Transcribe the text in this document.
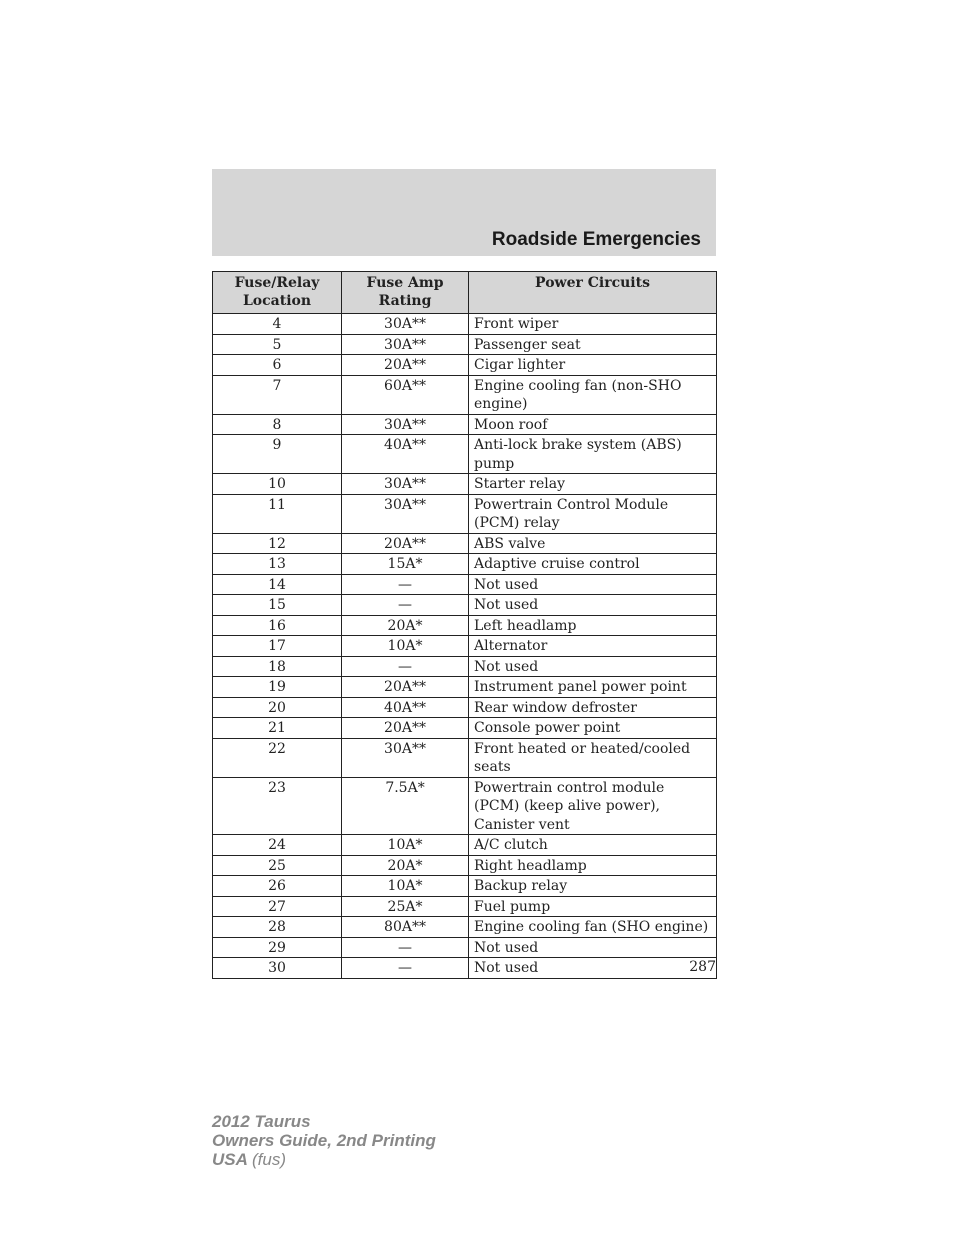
Roadside Emergencies
Fuse/Relay Location	Fuse Amp Rating	Power Circuits
4	30A**	Front wiper
5	30A**	Passenger seat
6	20A**	Cigar lighter
7	60A**	Engine cooling fan (non-SHO engine)
8	30A**	Moon roof
9	40A**	Anti-lock brake system (ABS) pump
10	30A**	Starter relay
11	30A**	Powertrain Control Module (PCM) relay
12	20A**	ABS valve
13	15A*	Adaptive cruise control
14	—	Not used
15	—	Not used
16	20A*	Left headlamp
17	10A*	Alternator
18	—	Not used
19	20A**	Instrument panel power point
20	40A**	Rear window defroster
21	20A**	Console power point
22	30A**	Front heated or heated/cooled seats
23	7.5A*	Powertrain control module (PCM) (keep alive power), Canister vent
24	10A*	A/C clutch
25	20A*	Right headlamp
26	10A*	Backup relay
27	25A*	Fuel pump
28	80A**	Engine cooling fan (SHO engine)
29	—	Not used
30	—	Not used	287
2012 Taurus
Owners Guide, 2nd Printing
USA (fus)
